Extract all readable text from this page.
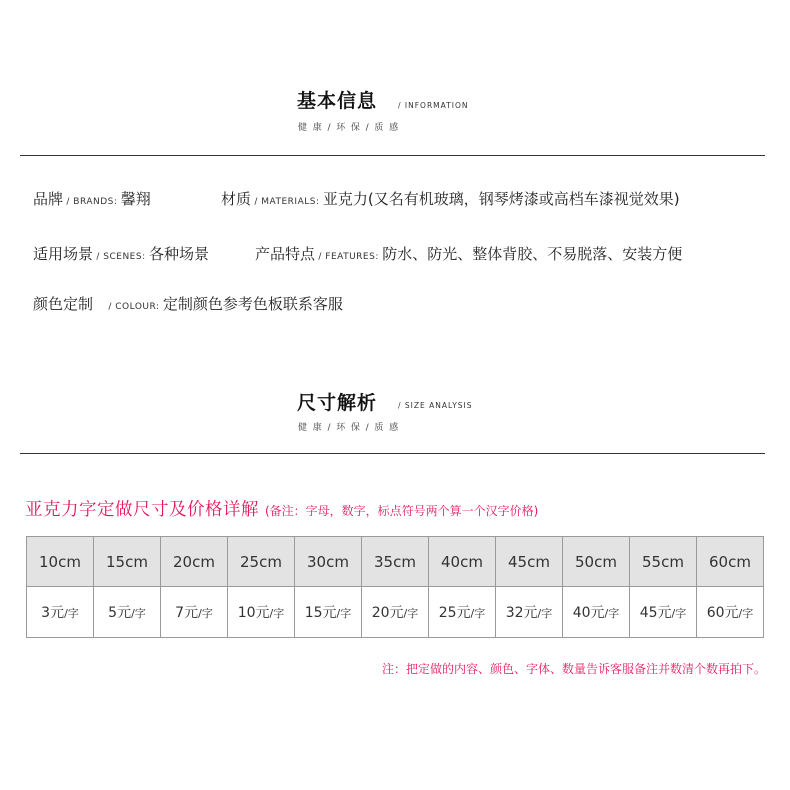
基本信息	/ INFORMATION
健  康  /  环  保  /  质  感
品牌 / BRANDS: 馨翔	材质 / MATERIALS: 亚克力(又名有机玻璃，钢琴烤漆或高档车漆视觉效果)
适用场景 / SCENES: 各种场景	产品特点 / FEATURES: 防水、防光、整体背胶、不易脱落、安装方便
颜色定制 / COLOUR: 定制颜色参考色板联系客服
尺寸解析	/ SIZE ANALYSIS
健  康  /  环  保  /  质  感
亚克力字定做尺寸及价格详解 (备注：字母，数字，标点符号两个算一个汉字价格)
10cm	15cm	20cm	25cm	30cm	35cm	40cm	45cm	50cm	55cm	60cm
3元/字	5元/字	7元/字	10元/字	15元/字	20元/字	25元/字	32元/字	40元/字	45元/字	60元/字
注：把定做的内容、颜色、字体、数量告诉客服备注并数清个数再拍下。
